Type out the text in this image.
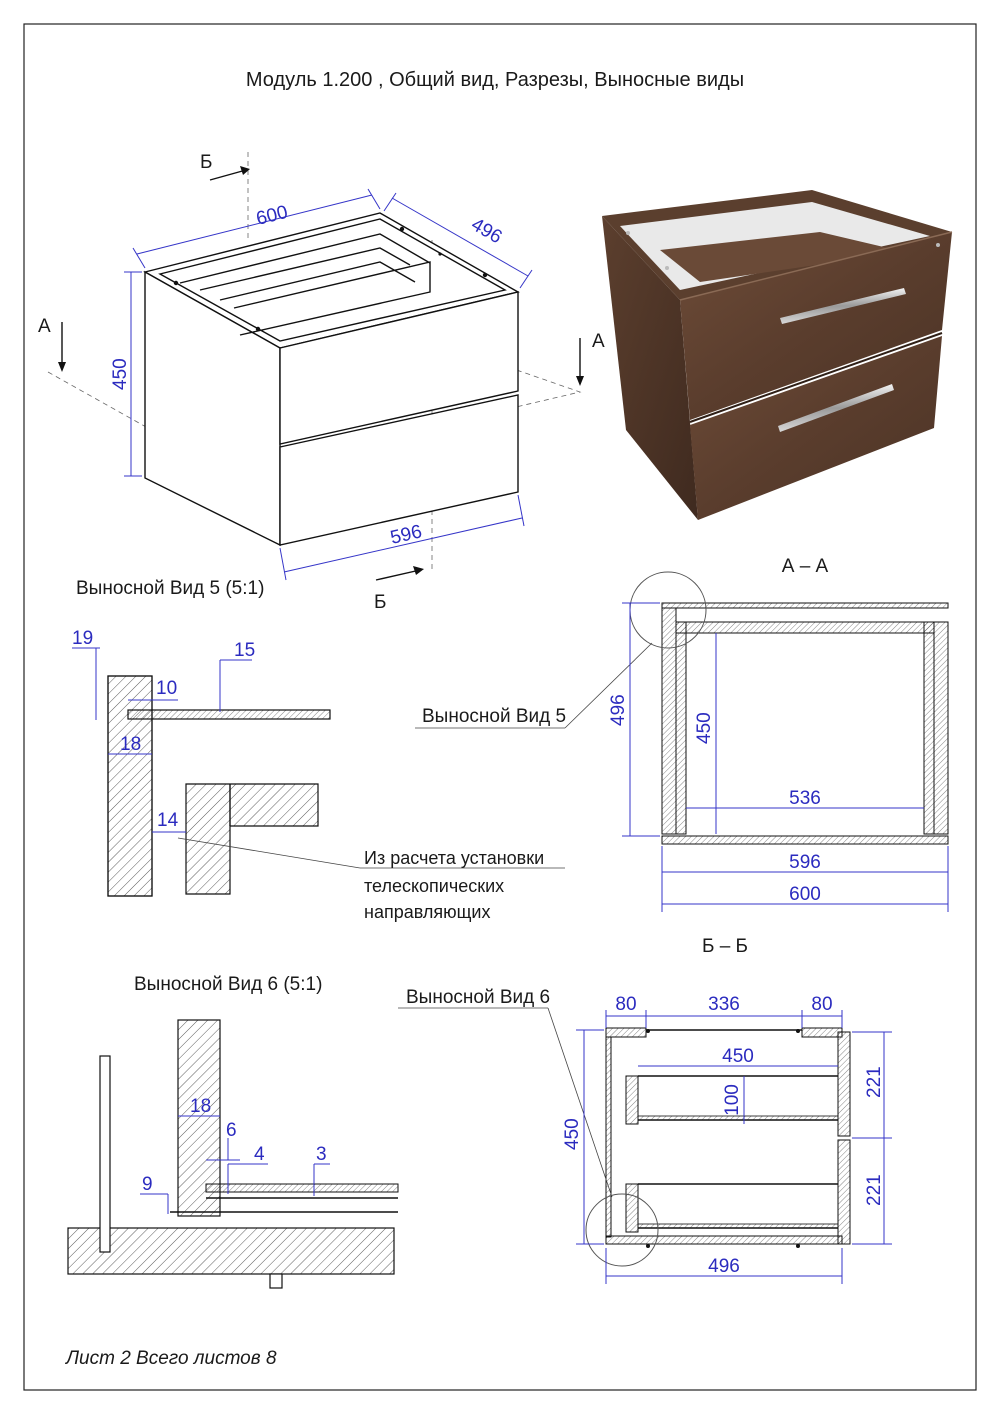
Модуль 1.200 , Общий вид, Разрезы, Выносные виды
А
А
Б
Б
600	496
450
596
А – А
Выносной Вид 5 496
450
536
596
600
Выносной Вид 5 (5:1)
19
15
10
18
14
Из расчета установки
телескопических
направляющих
Б – Б
Выносной Вид 6	80	336	80
450
100
450
221
221
496
Выносной Вид 6 (5:1)
18
6
4	3
9
Лист 2 Всего листов 8
